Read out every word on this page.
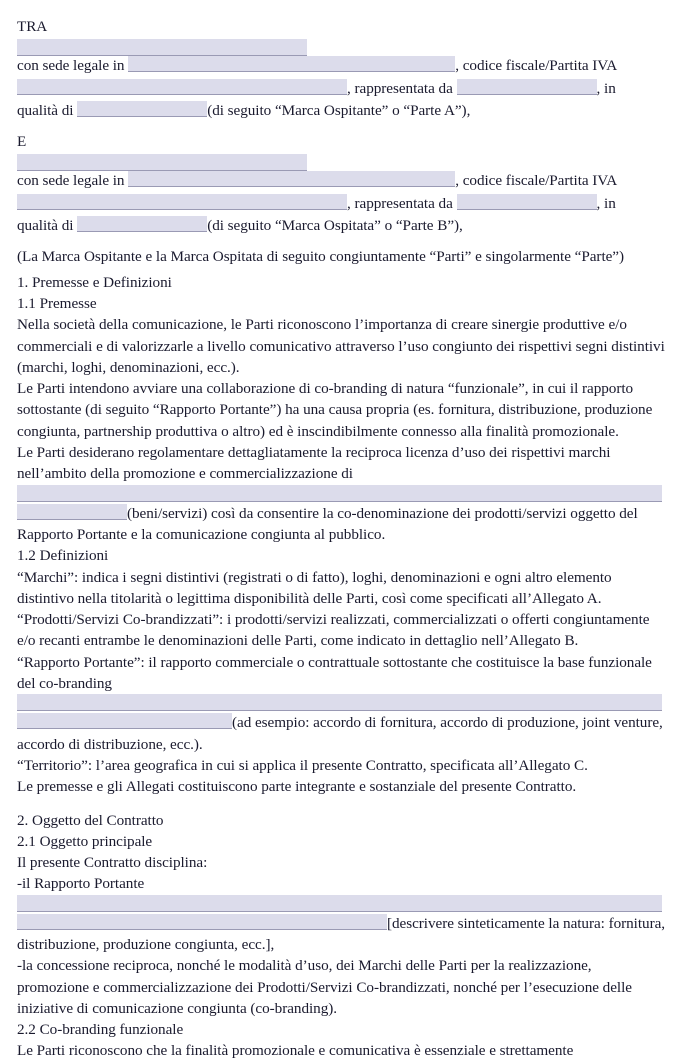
TRA

con sede legale in	, codice fiscale/Partita IVA

, rappresentata da	, in

qualità di	(di seguito “Marca Ospitante” o “Parte A”),

E

con sede legale in	, codice fiscale/Partita IVA

, rappresentata da	, in

qualità di	(di seguito “Marca Ospitata” o “Parte B”),

(La Marca Ospitante e la Marca Ospitata di seguito congiuntamente “Parti” e singolarmente “Parte”)

1. Premesse e Definizioni

1.1 Premesse

Nella società della comunicazione, le Parti riconoscono l’importanza di creare sinergie produttive e/o commerciali e di valorizzarle a livello comunicativo attraverso l’uso congiunto dei rispettivi segni distintivi (marchi, loghi, denominazioni, ecc.).

Le Parti intendono avviare una collaborazione di co-branding di natura “funzionale”, in cui il rapporto sottostante (di seguito “Rapporto Portante”) ha una causa propria (es. fornitura, distribuzione, produzione congiunta, partnership produttiva o altro) ed è inscindibilmente connesso alla finalità promozionale.

Le Parti desiderano regolamentare dettagliatamente la reciproca licenza d’uso dei rispettivi marchi nell’ambito della promozione e commercializzazione di

(beni/servizi) così da consentire la co-denominazione dei prodotti/servizi oggetto del Rapporto Portante e la comunicazione congiunta al pubblico.

1.2 Definizioni

“Marchi”: indica i segni distintivi (registrati o di fatto), loghi, denominazioni e ogni altro elemento distintivo nella titolarità o legittima disponibilità delle Parti, così come specificati all’Allegato A.

“Prodotti/Servizi Co-brandizzati”: i prodotti/servizi realizzati, commercializzati o offerti congiuntamente e/o recanti entrambe le denominazioni delle Parti, come indicato in dettaglio nell’Allegato B.

“Rapporto Portante”: il rapporto commerciale o contrattuale sottostante che costituisce la base funzionale del co-branding

(ad esempio: accordo di fornitura, accordo di produzione, joint venture, accordo di distribuzione, ecc.).

“Territorio”: l’area geografica in cui si applica il presente Contratto, specificata all’Allegato C.

Le premesse e gli Allegati costituiscono parte integrante e sostanziale del presente Contratto.

2. Oggetto del Contratto

2.1 Oggetto principale

Il presente Contratto disciplina:

-il Rapporto Portante

[descrivere sinteticamente la natura: fornitura, distribuzione, produzione congiunta, ecc.],

-la concessione reciproca, nonché le modalità d’uso, dei Marchi delle Parti per la realizzazione, promozione e commercializzazione dei Prodotti/Servizi Co-brandizzati, nonché per l’esecuzione delle iniziative di comunicazione congiunta (co-branding).

2.2 Co-branding funzionale

Le Parti riconoscono che la finalità promozionale e comunicativa è essenziale e strettamente
